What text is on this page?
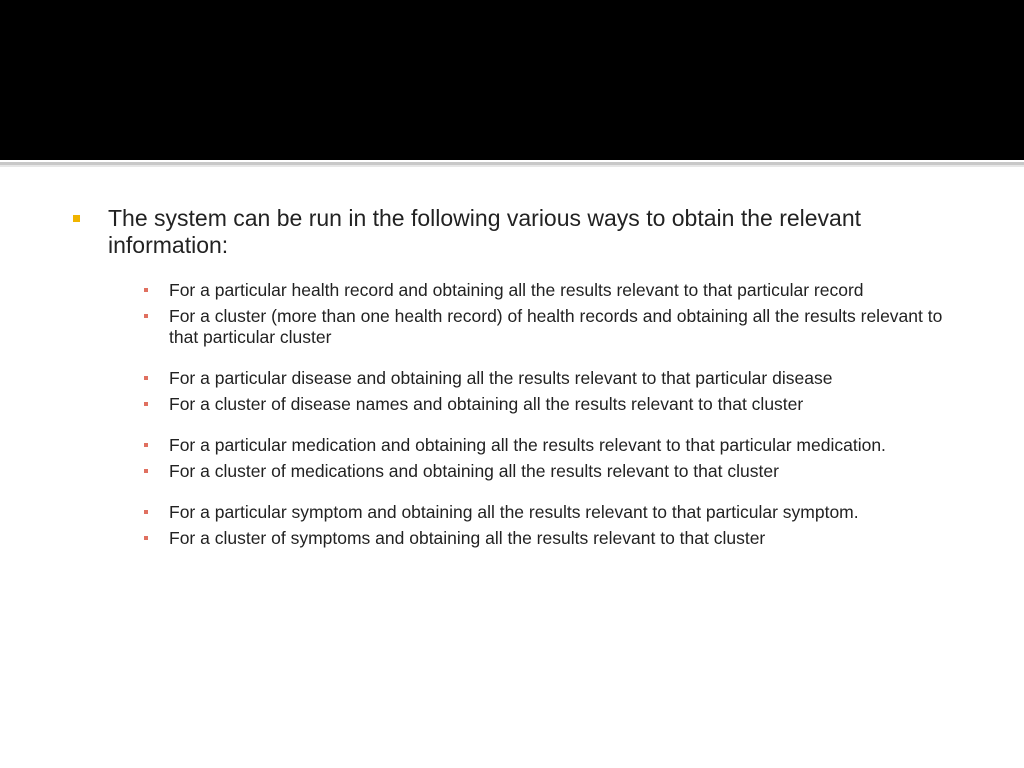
The system can be run in the following various ways to obtain the relevant information:
For a particular health record and obtaining all the results relevant to that particular record
For a cluster (more than one health record) of health records and obtaining all the results relevant to that particular cluster
For a particular disease and obtaining all the results relevant to that particular disease
For a cluster of disease names and obtaining all the results relevant to that cluster
For a particular medication and obtaining all the results relevant to that particular medication.
For a cluster of medications and obtaining all the results relevant to that cluster
For a particular symptom and obtaining all the results relevant to that particular symptom.
For a cluster of symptoms and obtaining all the results relevant to that cluster
